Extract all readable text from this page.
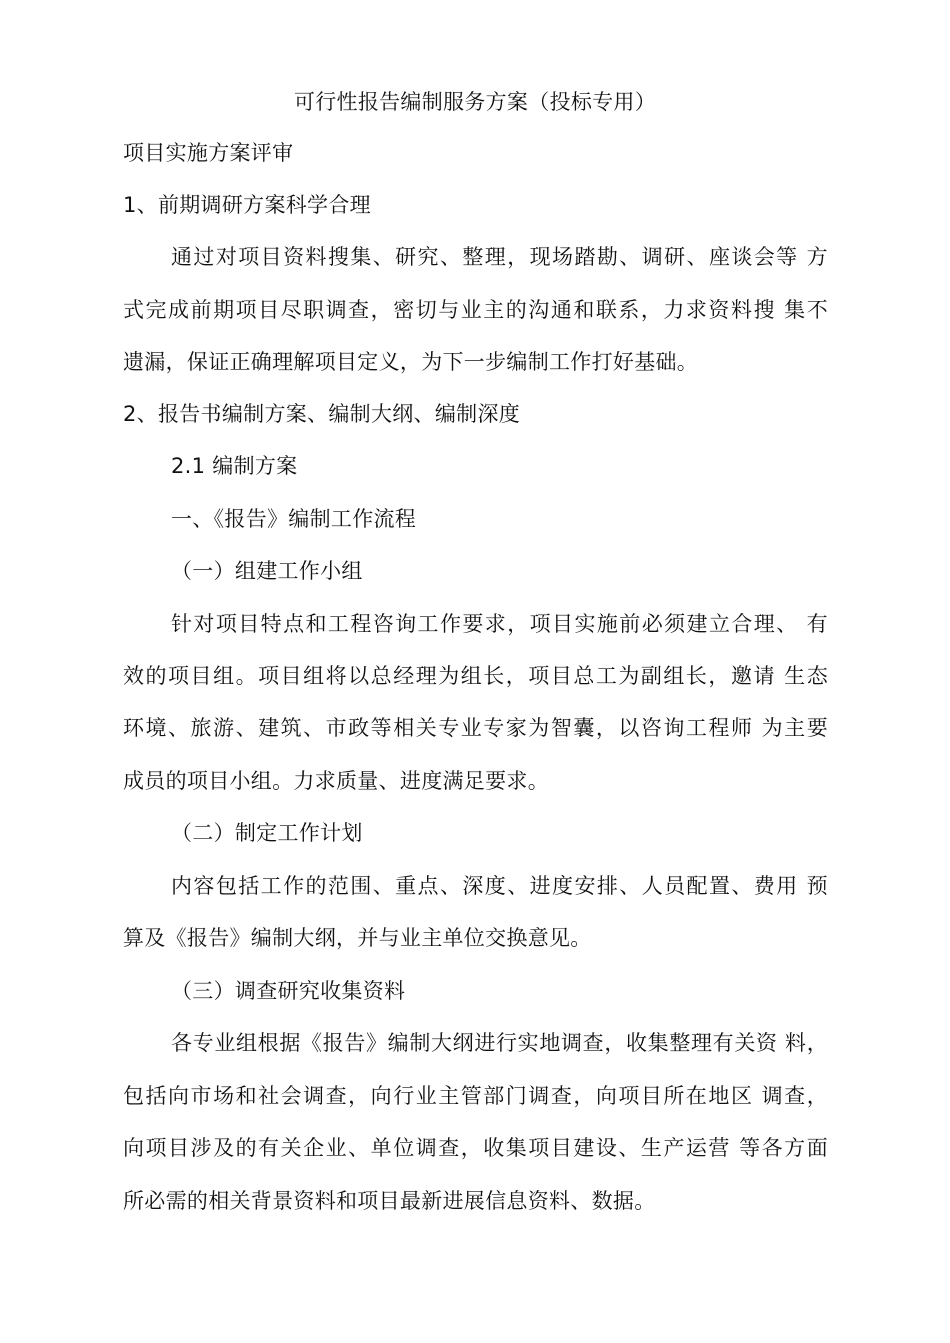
可行性报告编制服务方案（投标专用）
项目实施方案评审
1、前期调研方案科学合理
通过对项目资料搜集、研究、整理，现场踏勘、调研、座谈会等 方
式完成前期项目尽职调查，密切与业主的沟通和联系，力求资料搜 集不
遗漏，保证正确理解项目定义，为下一步编制工作打好基础。
2、报告书编制方案、编制大纲、编制深度
2.1 编制方案
一、《报告》编制工作流程
（一）组建工作小组
针对项目特点和工程咨询工作要求，项目实施前必须建立合理、 有
效的项目组。项目组将以总经理为组长，项目总工为副组长，邀请 生态
环境、旅游、建筑、市政等相关专业专家为智囊，以咨询工程师 为主要
成员的项目小组。力求质量、进度满足要求。
（二）制定工作计划
内容包括工作的范围、重点、深度、进度安排、人员配置、费用 预
算及《报告》编制大纲，并与业主单位交换意见。
（三）调查研究收集资料
各专业组根据《报告》编制大纲进行实地调查，收集整理有关资 料，
包括向市场和社会调查，向行业主管部门调查，向项目所在地区 调查，
向项目涉及的有关企业、单位调查，收集项目建设、生产运营 等各方面
所必需的相关背景资料和项目最新进展信息资料、数据。
